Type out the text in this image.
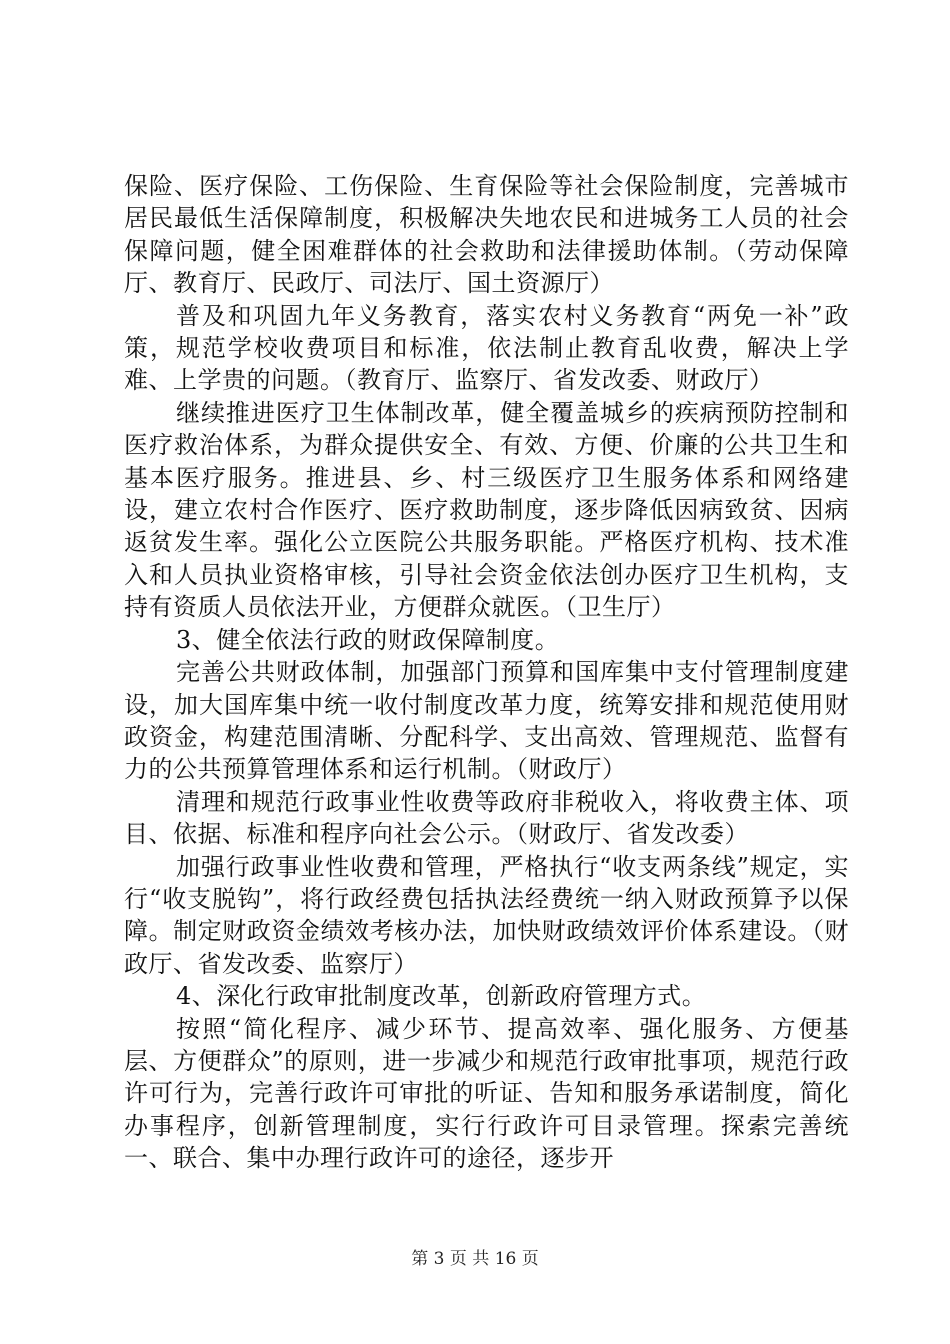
保险、医疗保险、工伤保险、生育保险等社会保险制度，完善城市居民最低生活保障制度，积极解决失地农民和进城务工人员的社会保障问题，健全困难群体的社会救助和法律援助体制。（劳动保障厅、教育厅、民政厅、司法厅、国土资源厅）

普及和巩固九年义务教育，落实农村义务教育“两免一补”政策，规范学校收费项目和标准，依法制止教育乱收费，解决上学难、上学贵的问题。（教育厅、监察厅、省发改委、财政厅）

继续推进医疗卫生体制改革，健全覆盖城乡的疾病预防控制和医疗救治体系，为群众提供安全、有效、方便、价廉的公共卫生和基本医疗服务。推进县、乡、村三级医疗卫生服务体系和网络建设，建立农村合作医疗、医疗救助制度，逐步降低因病致贫、因病返贫发生率。强化公立医院公共服务职能。严格医疗机构、技术准入和人员执业资格审核，引导社会资金依法创办医疗卫生机构，支持有资质人员依法开业，方便群众就医。（卫生厅）

3、健全依法行政的财政保障制度。

完善公共财政体制，加强部门预算和国库集中支付管理制度建设，加大国库集中统一收付制度改革力度，统筹安排和规范使用财政资金，构建范围清晰、分配科学、支出高效、管理规范、监督有力的公共预算管理体系和运行机制。（财政厅）

清理和规范行政事业性收费等政府非税收入，将收费主体、项目、依据、标准和程序向社会公示。（财政厅、省发改委）

加强行政事业性收费和管理，严格执行“收支两条线”规定，实行“收支脱钩”，将行政经费包括执法经费统一纳入财政预算予以保障。制定财政资金绩效考核办法，加快财政绩效评价体系建设。（财政厅、省发改委、监察厅）

4、深化行政审批制度改革，创新政府管理方式。

按照“简化程序、减少环节、提高效率、强化服务、方便基层、方便群众”的原则，进一步减少和规范行政审批事项，规范行政许可行为，完善行政许可审批的听证、告知和服务承诺制度，简化办事程序，创新管理制度，实行行政许可目录管理。探索完善统一、联合、集中办理行政许可的途径，逐步开

第 3 页 共 16 页
